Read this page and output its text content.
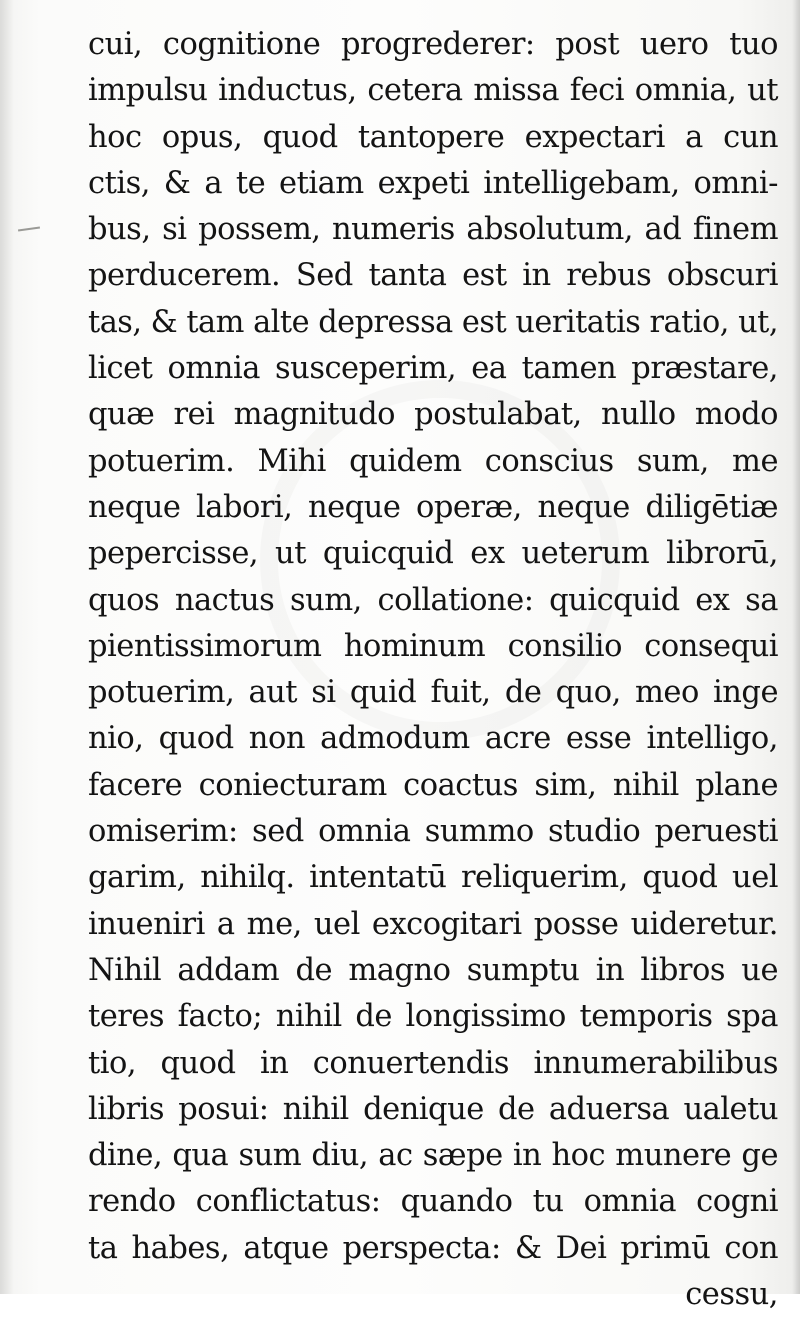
cui, cognitione progrederer: post uero tuo
impulsu inductus, cetera missa feci omnia, ut
hoc opus, quod tantopere expectari a cun
ctis, & a te etiam expeti intelligebam, omni-
bus, si possem, numeris absolutum, ad finem
perducerem. Sed tanta est in rebus obscuri
tas, & tam alte depressa est ueritatis ratio, ut,
licet omnia susceperim, ea tamen præstare,
quæ rei magnitudo postulabat, nullo modo
potuerim. Mihi quidem conscius sum, me
neque labori, neque operæ, neque diligētiæ
pepercisse, ut quicquid ex ueterum librorū,
quos nactus sum, collatione: quicquid ex sa
pientissimorum hominum consilio consequi
potuerim, aut si quid fuit, de quo, meo inge
nio, quod non admodum acre esse intelligo,
facere coniecturam coactus sim, nihil plane
omiserim: sed omnia summo studio peruesti
garim, nihilq. intentatū reliquerim, quod uel
inueniri a me, uel excogitari posse uideretur.
Nihil addam de magno sumptu in libros ue
teres facto; nihil de longissimo temporis spa
tio, quod in conuertendis innumerabilibus
libris posui: nihil denique de aduersa ualetu
dine, qua sum diu, ac sæpe in hoc munere ge
rendo conflictatus: quando tu omnia cogni
ta habes, atque perspecta: & Dei primū con
cessu,
